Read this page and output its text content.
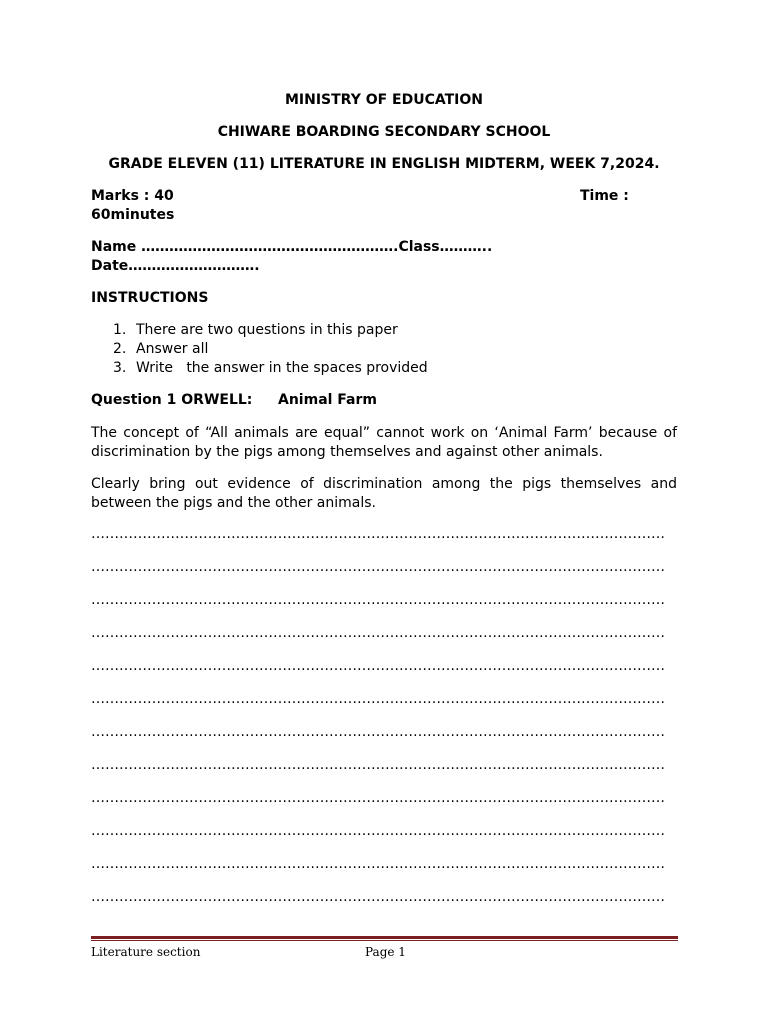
MINISTRY OF EDUCATION
CHIWARE BOARDING SECONDARY SCHOOL
GRADE ELEVEN (11) LITERATURE IN ENGLISH MIDTERM, WEEK 7,2024.
Marks : 40	Time :
60minutes
Name ……………………………………………….Class………..
Date……………………….
INSTRUCTIONS
1. There are two questions in this paper
2. Answer all
3. Write   the answer in the spaces provided
Question 1 ORWELL: Animal Farm
The concept of “All animals are equal” cannot work on ‘Animal Farm’ because of discrimination by the pigs among themselves and against other animals.
Clearly bring out evidence of discrimination among the pigs themselves and between the pigs and the other animals.
……………………………………………………………………………………………………………
……………………………………………………………………………………………………………
……………………………………………………………………………………………………………
……………………………………………………………………………………………………………
……………………………………………………………………………………………………………
……………………………………………………………………………………………………………
……………………………………………………………………………………………………………
……………………………………………………………………………………………………………
……………………………………………………………………………………………………………
……………………………………………………………………………………………………………
……………………………………………………………………………………………………………
……………………………………………………………………………………………………………
Literature section	Page 1
